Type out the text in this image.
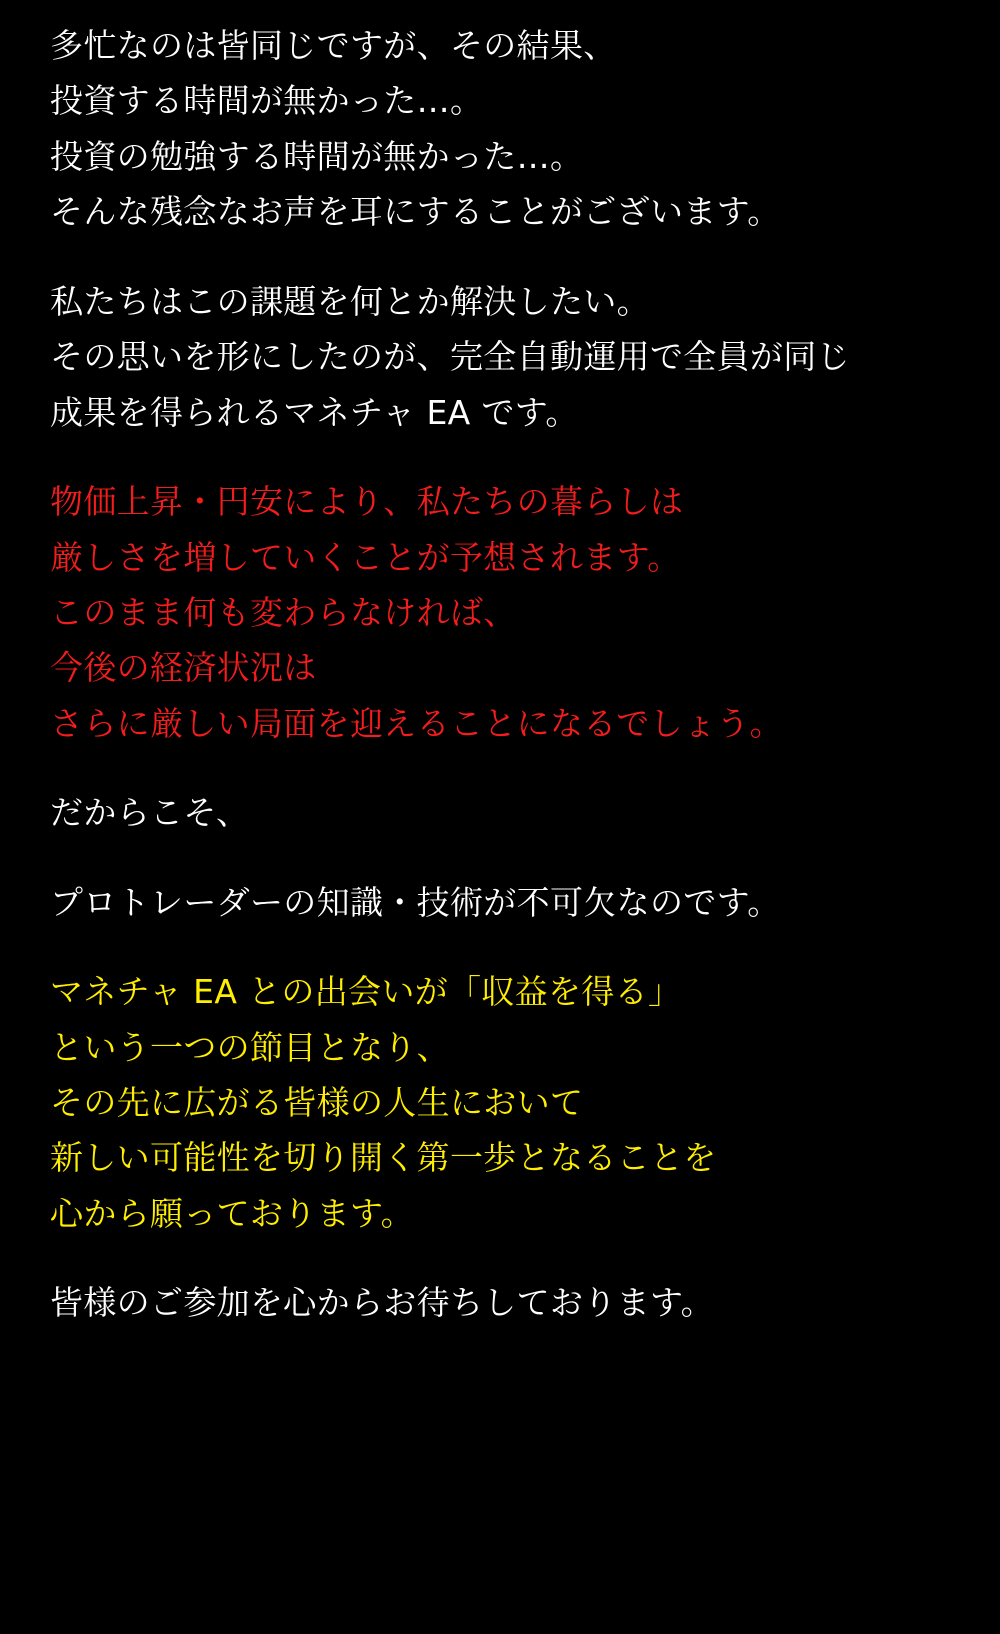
多忙なのは皆同じですが、その結果、
投資する時間が無かった…。
投資の勉強する時間が無かった…。
そんな残念なお声を耳にすることがございます。
私たちはこの課題を何とか解決したい。
その思いを形にしたのが、完全自動運用で全員が同じ
成果を得られるマネチャ EA です。
物価上昇・円安により、私たちの暮らしは
厳しさを増していくことが予想されます。
このまま何も変わらなければ、
今後の経済状況は
さらに厳しい局面を迎えることになるでしょう。
だからこそ、
プロトレーダーの知識・技術が不可欠なのです。
マネチャ EA との出会いが「収益を得る」
という一つの節目となり、
その先に広がる皆様の人生において
新しい可能性を切り開く第一歩となることを
心から願っております。
皆様のご参加を心からお待ちしております。
